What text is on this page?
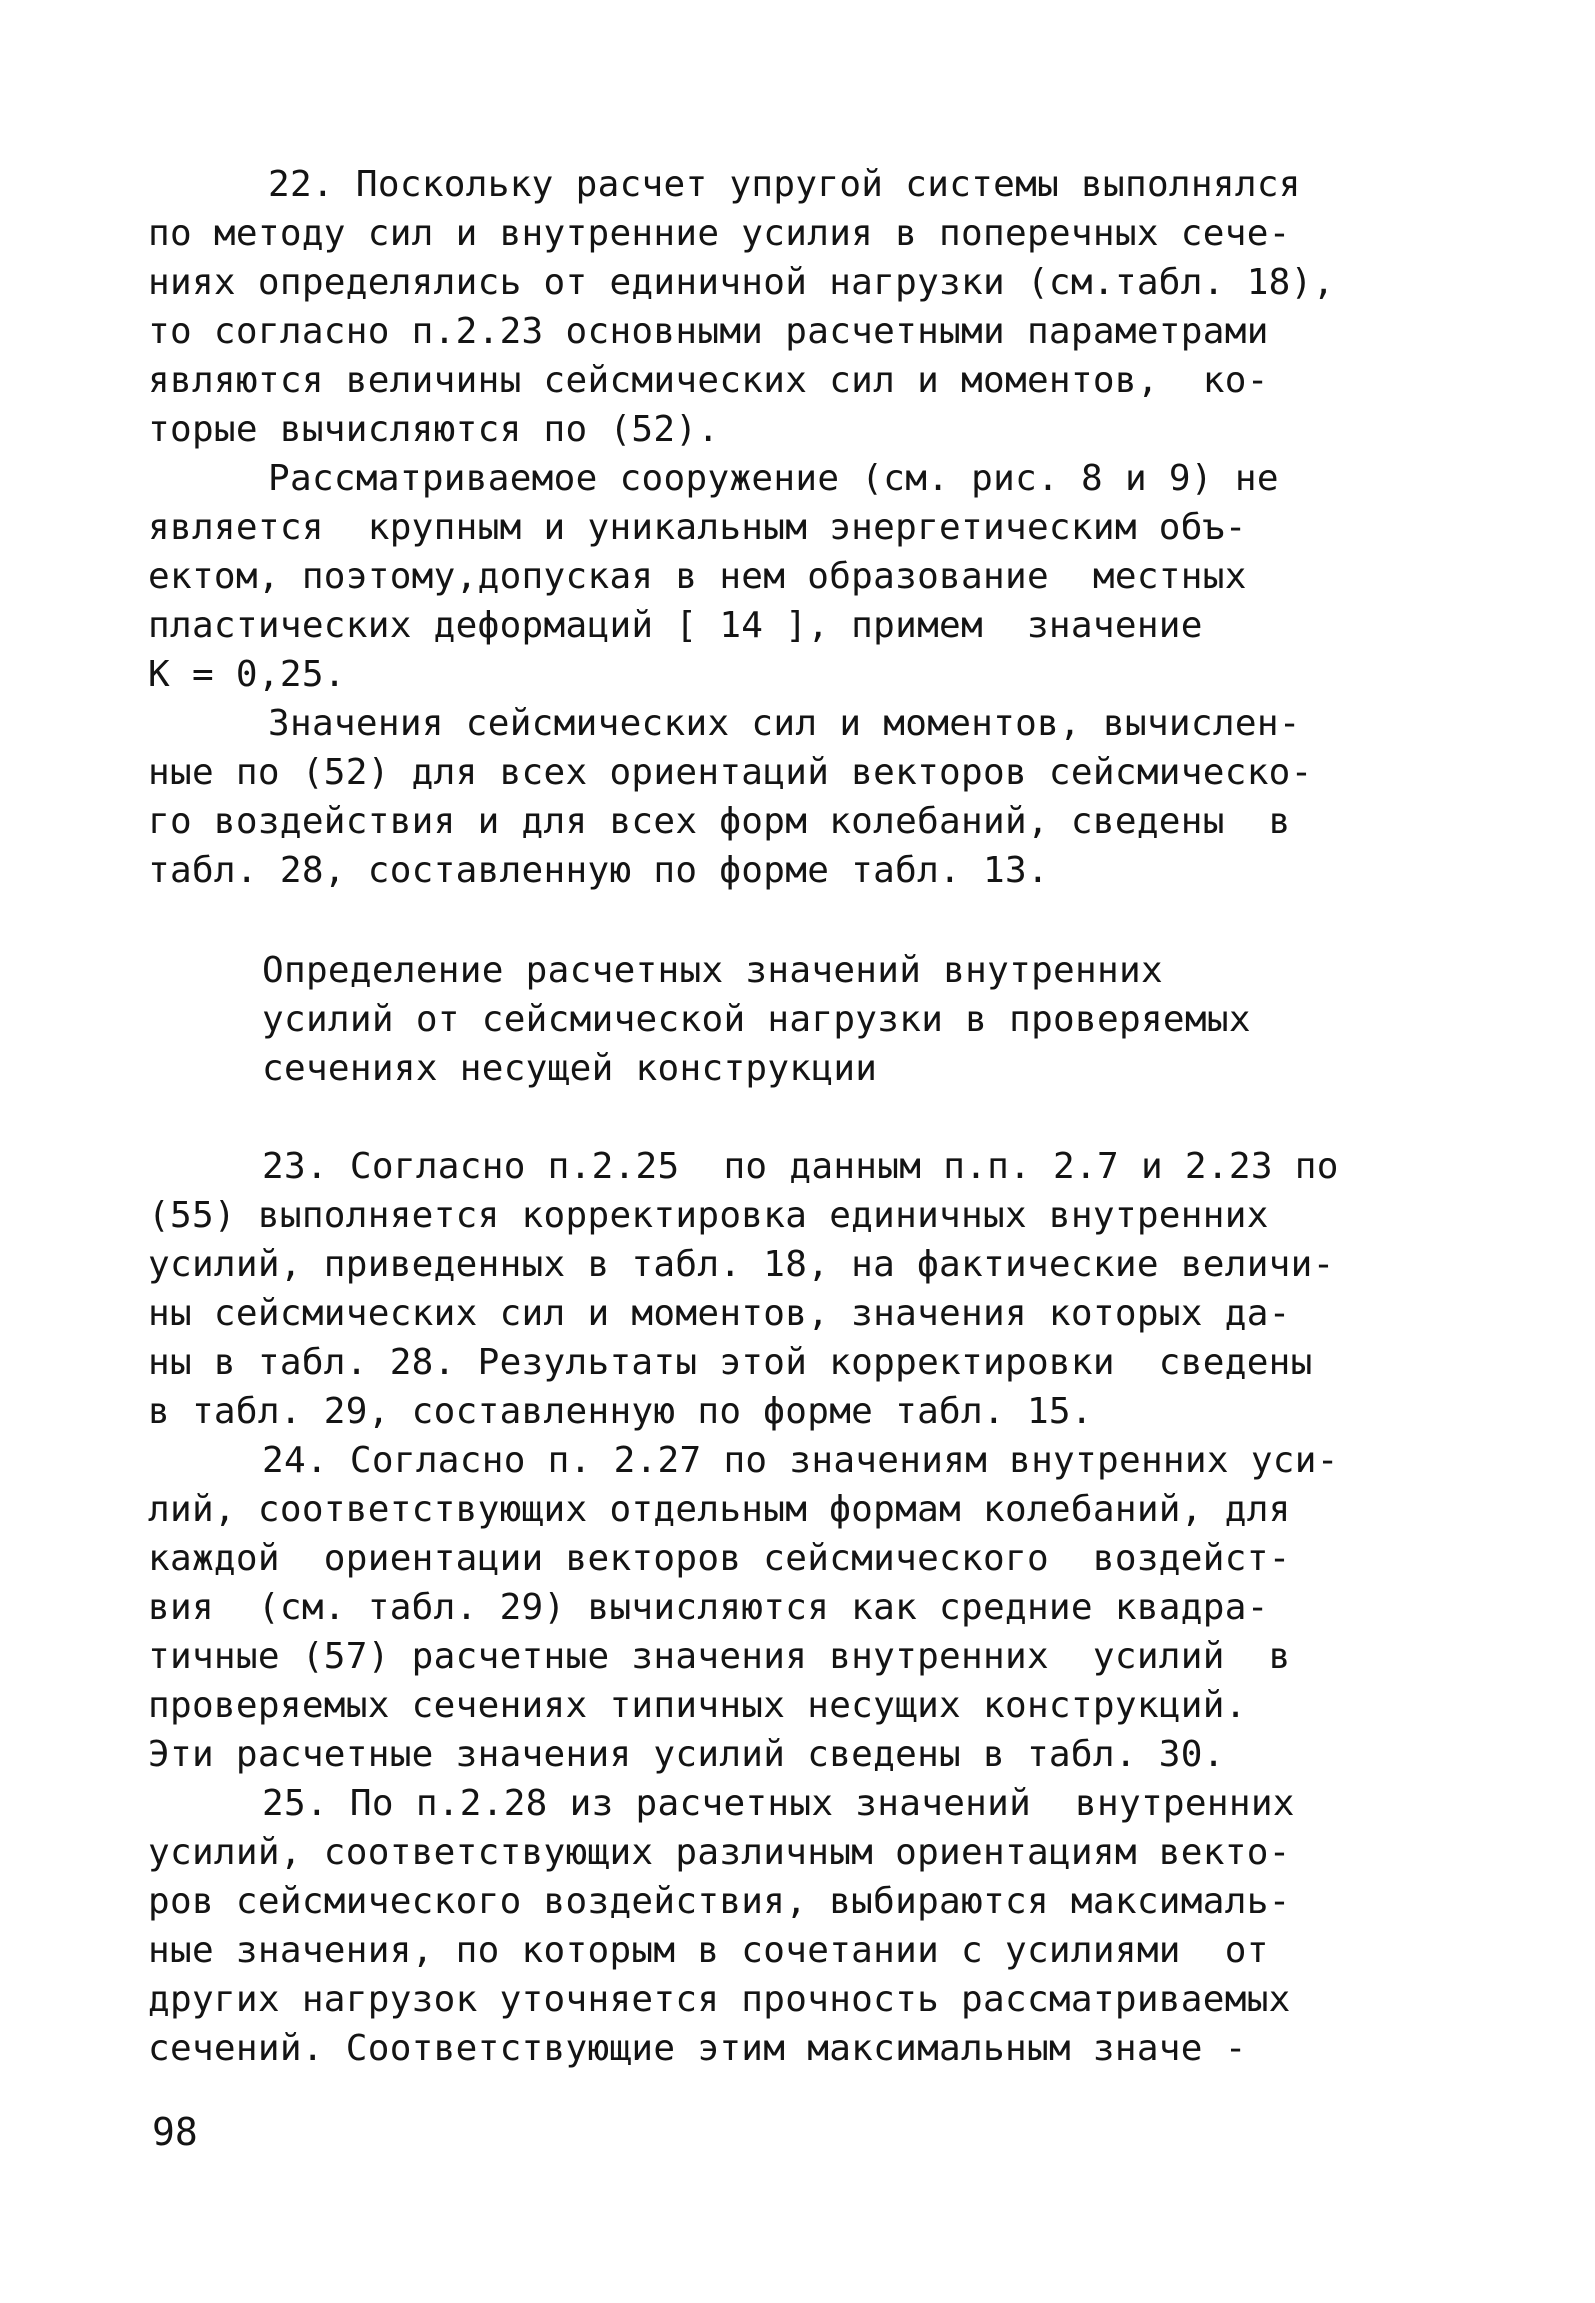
22. Поскольку расчет упругой системы выполнялся
по методу сил и внутренние усилия в поперечных сече-
ниях определялись от единичной нагрузки (см.табл. 18),
то согласно п.2.23 основными расчетными параметрами
являются величины сейсмических сил и моментов,  ко-
торые вычисляются по (52).
Рассматриваемое сооружение (см. рис. 8 и 9) не
является  крупным и уникальным энергетическим объ-
ектом, поэтому,допуская в нем образование  местных
пластических деформаций [ 14 ], примем  значение
K = 0,25.
Значения сейсмических сил и моментов, вычислен-
ные по (52) для всех ориентаций векторов сейсмическо-
го воздействия и для всех форм колебаний, сведены  в
табл. 28, составленную по форме табл. 13.
Определение расчетных значений внутренних
усилий от сейсмической нагрузки в проверяемых
сечениях несущей конструкции
23. Согласно п.2.25  по данным п.п. 2.7 и 2.23 по
(55) выполняется корректировка единичных внутренних
усилий, приведенных в табл. 18, на фактические величи-
ны сейсмических сил и моментов, значения которых да-
ны в табл. 28. Результаты этой корректировки  сведены
в табл. 29, составленную по форме табл. 15.
24. Согласно п. 2.27 по значениям внутренних уси-
лий, соответствующих отдельным формам колебаний, для
каждой  ориентации векторов сейсмического  воздейст-
вия  (см. табл. 29) вычисляются как средние квадра-
тичные (57) расчетные значения внутренних  усилий  в
проверяемых сечениях типичных несущих конструкций.
Эти расчетные значения усилий сведены в табл. 30.
25. По п.2.28 из расчетных значений  внутренних
усилий, соответствующих различным ориентациям векто-
ров сейсмического воздействия, выбираются максималь-
ные значения, по которым в сочетании с усилиями  от
других нагрузок уточняется прочность рассматриваемых
сечений. Соответствующие этим максимальным значе -
98
